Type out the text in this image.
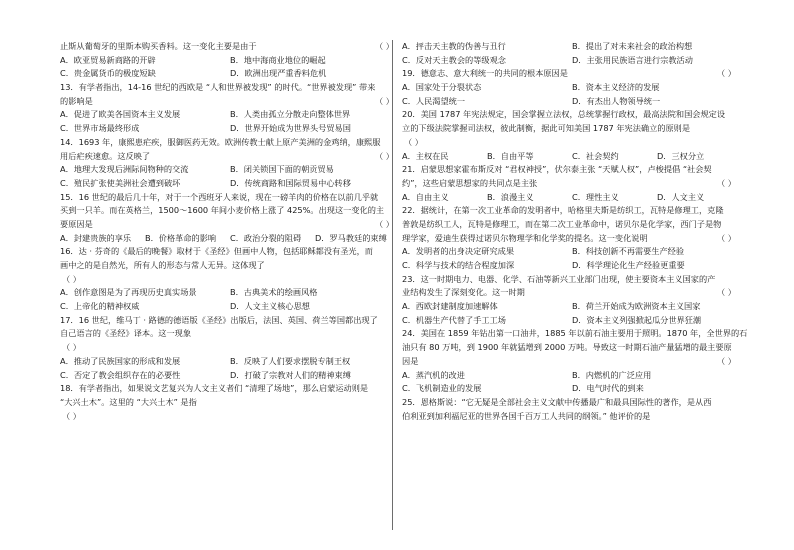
止斯从葡萄牙的里斯本购买香料。这一变化主要是由于	（ ）
A．欧亚贸易新商路的开辟	B．地中海商业地位的崛起
C．贵金属货币的极度短缺	D．欧洲出现严重香料危机
13．有学者指出，14-16 世纪的西欧是 “人和世界被发现” 的时代。“世界被发现” 带来
的影响是	（ ）
A．促进了欧美各国资本主义发展	B．人类由孤立分散走向整体世界
C．世界市场最终形成	D．世界开始成为世界头号贸易国
14．1693 年，康熙患疟疾，服御医药无效。欧洲传教士献上原产美洲的金鸡纳，康熙服
用后疟疾速愈。这反映了	（ ）
A．地理大发现后洲际间物种的交流	B．闭关锁国下面的朝贡贸易
C．殖民扩张使美洲社会遭到破坏	D．传统商路和国际贸易中心转移
15．16 世纪的最后几十年，对于一个西班牙人来说，现在一磅羊肉的价格在以前几乎就
买到一只羊。而在英格兰，1500～1600 年间小麦价格上涨了 425%。出现这一变化的主
要原因是	（ ）
A．封建贵族的享乐	B．价格革命的影响	C．政治分裂的阻碍	D．罗马教廷的束缚
16．达 · 芬奇的《最后的晚餐》取材于《圣经》但画中人物，包括耶稣都没有圣光，而
画中之的是自然光，所有人的形态与常人无异。这体现了
（ ）
A．创作意图是为了再现历史真实场景	B．古典美术的绘画风格
C．上帝化的精神权威	D．人文主义核心思想
17．16 世纪，维马丁 · 路德的德语版《圣经》出版后，法国、英国、荷兰等国都出现了
自己语言的《圣经》译本。这一现象
（ ）
A．推动了民族国家的形成和发展	B．反映了人们要求摆脱专制王权
C．否定了教会组织存在的必要性	D．打破了宗教对人们的精神束缚
18．有学者指出，如果说文艺复兴为人文主义者们 “清理了场地”，那么启蒙运动则是
“大兴土木”。这里的 “大兴土木” 是指
（ ）
A．抨击天主教的伪善与丑行	B．提出了对未来社会的政治构想
C．反对天主教会的等级观念	D．主张用民族语言进行宗教活动
19．德意志、意大利统一的共同的根本原因是	（ ）
A．国家处于分裂状态	B．资本主义经济的发展
C．人民渴望统一	D．有杰出人物领导统一
20．美国 1787 年宪法规定，国会掌握立法权，总统掌握行政权，最高法院和国会规定设
立的下级法院掌握司法权，彼此制衡，据此可知美国 1787 年宪法确立的原则是
（ ）
A．主权在民	B．自由平等	C．社会契约	D．三权分立
21．启蒙思想家霍布斯反对 “君权神授”，伏尔泰主张 “天赋人权”，卢梭提倡 “社会契
约”，这些启蒙思想家的共同点是主张	（ ）
A．自由主义	B．浪漫主义	C．理性主义	D．人文主义
22．据统计，在第一次工业革命的发明者中，哈格里夫斯是纺织工，瓦特是修理工，克隆
普敦是纺织工人，瓦特是修理工，而在第二次工业革命中，诺贝尔是化学家，西门子是物
理学家，爱迪生获得过诺贝尔物理学和化学奖的提名。这一变化说明	（ ）
A．发明者的出身决定研究成果	B．科技创新不再需要生产经验
C．科学与技术的结合程度加深	D．科学理论化生产经验更重要
23．这一时期电力、电器、化学、石油等新兴工业部门出现，使主要资本主义国家的产
业结构发生了深刻变化。这一时期	（ ）
A．西欧封建制度加速解体	B．荷兰开始成为欧洲资本主义国家
C．机器生产代替了手工工场	D．资本主义列强掀起瓜分世界狂潮
24．美国在 1859 年钻出第一口油井，1885 年以前石油主要用于照明。1870 年，全世界的石
油只有 80 万吨，到 1900 年就猛增到 2000 万吨。导致这一时期石油产量猛增的最主要原
因是	（ ）
A．蒸汽机的改进	B．内燃机的广泛应用
C．飞机制造业的发展	D．电气时代的到来
25．恩格斯说：“它无疑是全部社会主义文献中传播最广和最具国际性的著作，是从西
伯利亚到加利福尼亚的世界各国千百万工人共同的纲领。” 他评价的是
